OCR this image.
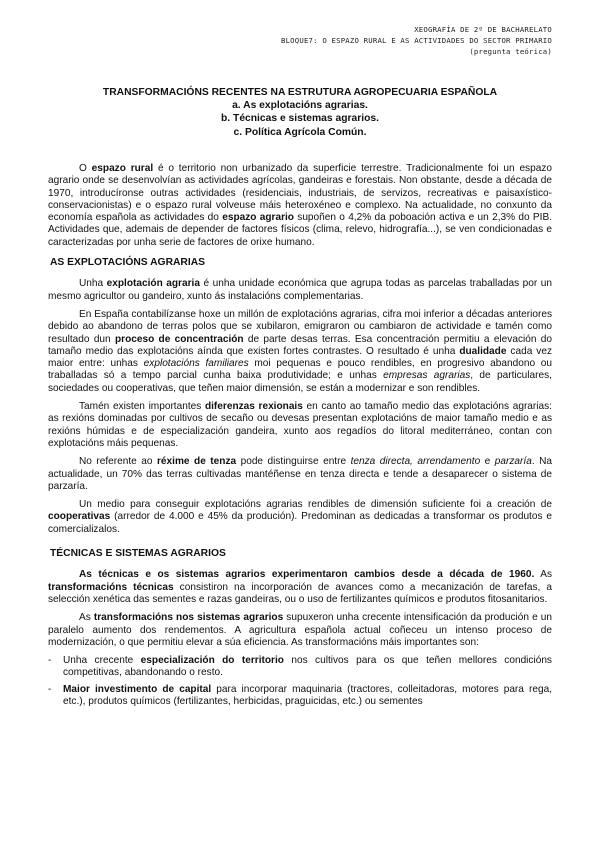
XEOGRAFÍA DE 2º DE BACHARELATO
BLOQUE7: O ESPAZO RURAL E AS ACTIVIDADES DO SECTOR PRIMARIO
(pregunta teórica)
TRANSFORMACIÓNS RECENTES NA ESTRUTURA AGROPECUARIA ESPAÑOLA
a. As explotacións agrarias.
b. Técnicas e sistemas agrarios.
c. Política Agrícola Común.

O espazo rural é o territorio non urbanizado da superficie terrestre. Tradicionalmente foi un espazo agrario onde se desenvolvían as actividades agrícolas, gandeiras e forestais. Non obstante, desde a década de 1970, introducíronse outras actividades (residenciais, industriais, de servizos, recreativas e paisaxístico-conservacionistas) e o espazo rural volveuse máis heteroxéneo e complexo. Na actualidade, no conxunto da economía española as actividades do espazo agrario supoñen o 4,2% da poboación activa e un 2,3% do PIB. Actividades que, ademais de depender de factores físicos (clima, relevo, hidrografía...), se ven condicionadas e caracterizadas por unha serie de factores de orixe humano.

AS EXPLOTACIÓNS AGRARIAS

Unha explotación agraria é unha unidade económica que agrupa todas as parcelas traballadas por un mesmo agricultor ou gandeiro, xunto ás instalacións complementarias.

En España contabilízanse hoxe un millón de explotacións agrarias, cifra moi inferior a décadas anteriores debido ao abandono de terras polos que se xubilaron, emigraron ou cambiaron de actividade e tamén como resultado dun proceso de concentración de parte desas terras. Esa concentración permitiu a elevación do tamaño medio das explotacións aínda que existen fortes contrastes. O resultado é unha dualidade cada vez maior entre: unhas explotacións familiares moi pequenas e pouco rendibles, en progresivo abandono ou traballadas só a tempo parcial cunha baixa produtividade; e unhas empresas agrarias, de particulares, sociedades ou cooperativas, que teñen maior dimensión, se están a modernizar e son rendibles.

Tamén existen importantes diferenzas rexionais en canto ao tamaño medio das explotacións agrarias: as rexións dominadas por cultivos de secaño ou devesas presentan explotacións de maior tamaño medio e as rexións húmidas e de especialización gandeira, xunto aos regadíos do litoral mediterráneo, contan con explotacións máis pequenas.

No referente ao réxime de tenza pode distinguirse entre tenza directa, arrendamento e parzaría. Na actualidade, un 70% das terras cultivadas mantéñense en tenza directa e tende a desaparecer o sistema de parzaría.

Un medio para conseguir explotacións agrarias rendibles de dimensión suficiente foi a creación de cooperativas (arredor de 4.000 e 45% da produción). Predominan as dedicadas a transformar os produtos e comercializalos.

TÉCNICAS E SISTEMAS AGRARIOS

As técnicas e os sistemas agrarios experimentaron cambios desde a década de 1960. As transformacións técnicas consistiron na incorporación de avances como a mecanización de tarefas, a selección xenética das sementes e razas gandeiras, ou o uso de fertilizantes químicos e produtos fitosanitarios.

As transformacións nos sistemas agrarios supuxeron unha crecente intensificación da produción e un paralelo aumento dos rendementos. A agricultura española actual coñeceu un intenso proceso de modernización, o que permitiu elevar a súa eficiencia. As transformacións máis importantes son:

- Unha crecente especialización do territorio nos cultivos para os que teñen mellores condicións competitivas, abandonando o resto.
- Maior investimento de capital para incorporar maquinaria (tractores, colleitadoras, motores para rega, etc.), produtos químicos (fertilizantes, herbicidas, praguicidas, etc.) ou sementes
